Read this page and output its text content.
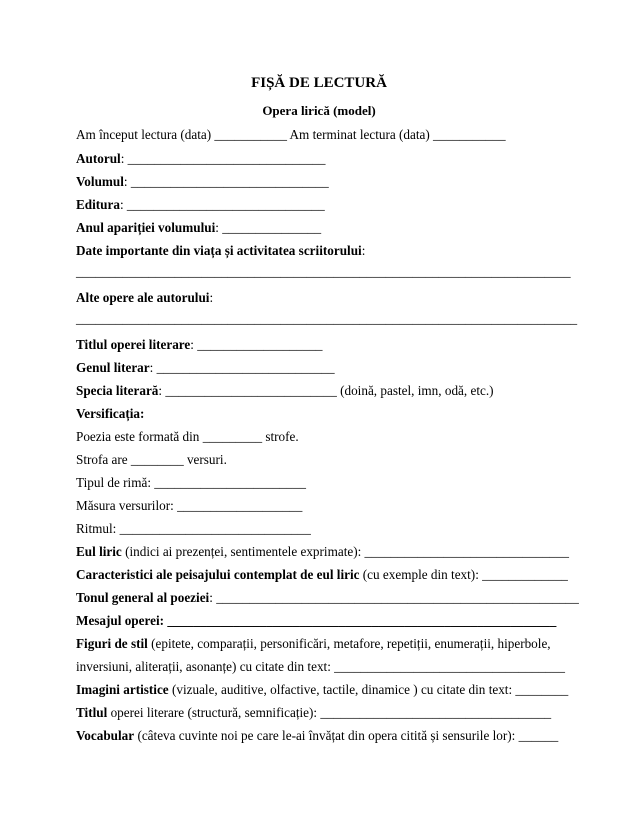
FIȘĂ DE LECTURĂ
Opera lirică (model)
Am început lectura (data) ___________ Am terminat lectura (data) ___________
Autorul: ______________________________
Volumul: ______________________________
Editura: ______________________________
Anul apariției volumului: _______________
Date importante din viața și activitatea scriitorului:
___________________________________________________________________________
Alte opere ale autorului:
____________________________________________________________________________
Titlul operei literare: ___________________
Genul literar: ___________________________
Specia literară: __________________________ (doină, pastel, imn, odă, etc.)
Versificația:
Poezia este formată din _________ strofe.
Strofa are ________ versuri.
Tipul de rimă: _______________________
Măsura versurilor: ___________________
Ritmul: _____________________________
Eul liric (indici ai prezenței, sentimentele exprimate): _______________________________
Caracteristici ale peisajului contemplat de eul liric (cu exemple din text): _____________
Tonul general al poeziei: _______________________________________________________
Mesajul operei: ___________________________________________________________
Figuri de stil (epitete, comparații, personificări, metafore, repetiții, enumerații, hiperbole,
inversiuni, aliterații, asonanțe) cu citate din text: ___________________________________
Imagini artistice (vizuale, auditive, olfactive, tactile, dinamice ) cu citate din text: ________
Titlul operei literare (structură, semnificație): ___________________________________
Vocabular (câteva cuvinte noi pe care le-ai învățat din opera citită și sensurile lor): ______
